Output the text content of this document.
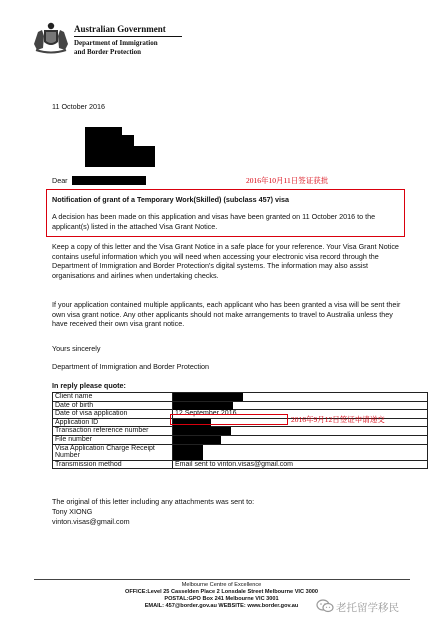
Australian Government
Department of Immigration
and Border Protection
11 October 2016
Dear	2016年10月11日签证获批
Notification of grant of a Temporary Work(Skilled) (subclass 457) visa
A decision has been made on this application and visas have been granted on 11 October 2016 to the applicant(s) listed in the attached Visa Grant Notice.
Keep a copy of this letter and the Visa Grant Notice in a safe place for your reference. Your Visa Grant Notice contains useful information which you will need when accessing your electronic visa record through the Department of Immigration and Border Protection's digital systems. The information may also assist organisations and airlines when undertaking checks.
If your application contained multiple applicants, each applicant who has been granted a visa will be sent their own visa grant notice. Any other applicants should not make arrangements to travel to Australia unless they have received their own visa grant notice.
Yours sincerely
Department of Immigration and Border Protection
In reply please quote:
Client name	

Date of birth	

Date of visa application	12 September 2016
Application ID	

Transaction reference number	

File number	

Visa Application Charge Receipt Number	

Transmission method	Email sent to vinton.visas@gmail.com
2016年9月12日签证申请递交
The original of this letter including any attachments was sent to:
Tony XIONG
vinton.visas@gmail.com
Melbourne Centre of Excellence
OFFICE:Level 25 Casselden Place 2 Lonsdale Street Melbourne VIC 3000
POSTAL:GPO Box 241 Melbourne VIC 3001
EMAIL: 457@border.gov.au WEBSITE: www.border.gov.au	老托留学移民
